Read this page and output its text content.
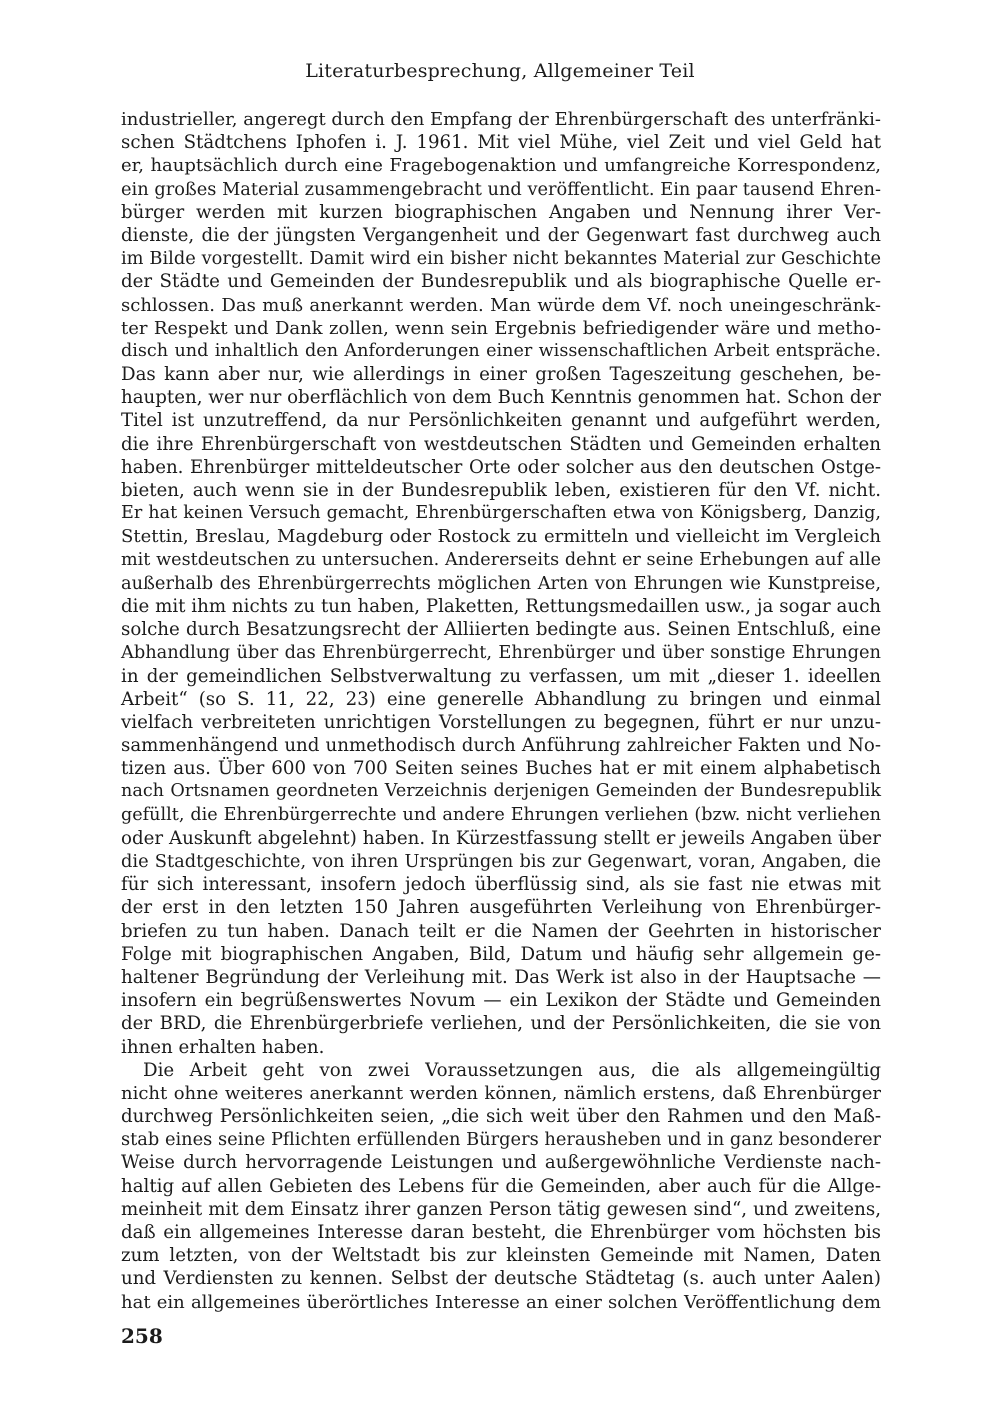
Literaturbesprechung, Allgemeiner Teil
industrieller, angeregt durch den Empfang der Ehrenbürgerschaft des unterfränki-
schen Städtchens Iphofen i. J. 1961. Mit viel Mühe, viel Zeit und viel Geld hat
er, hauptsächlich durch eine Fragebogenaktion und umfangreiche Korrespondenz,
ein großes Material zusammengebracht und veröffentlicht. Ein paar tausend Ehren-
bürger werden mit kurzen biographischen Angaben und Nennung ihrer Ver-
dienste, die der jüngsten Vergangenheit und der Gegenwart fast durchweg auch
im Bilde vorgestellt. Damit wird ein bisher nicht bekanntes Material zur Geschichte
der Städte und Gemeinden der Bundesrepublik und als biographische Quelle er-
schlossen. Das muß anerkannt werden. Man würde dem Vf. noch uneingeschränk-
ter Respekt und Dank zollen, wenn sein Ergebnis befriedigender wäre und metho-
disch und inhaltlich den Anforderungen einer wissenschaftlichen Arbeit entspräche.
Das kann aber nur, wie allerdings in einer großen Tageszeitung geschehen, be-
haupten, wer nur oberflächlich von dem Buch Kenntnis genommen hat. Schon der
Titel ist unzutreffend, da nur Persönlichkeiten genannt und aufgeführt werden,
die ihre Ehrenbürgerschaft von westdeutschen Städten und Gemeinden erhalten
haben. Ehrenbürger mitteldeutscher Orte oder solcher aus den deutschen Ostge-
bieten, auch wenn sie in der Bundesrepublik leben, existieren für den Vf. nicht.
Er hat keinen Versuch gemacht, Ehrenbürgerschaften etwa von Königsberg, Danzig,
Stettin, Breslau, Magdeburg oder Rostock zu ermitteln und vielleicht im Vergleich
mit westdeutschen zu untersuchen. Andererseits dehnt er seine Erhebungen auf alle
außerhalb des Ehrenbürgerrechts möglichen Arten von Ehrungen wie Kunstpreise,
die mit ihm nichts zu tun haben, Plaketten, Rettungsmedaillen usw., ja sogar auch
solche durch Besatzungsrecht der Alliierten bedingte aus. Seinen Entschluß, eine
Abhandlung über das Ehrenbürgerrecht, Ehrenbürger und über sonstige Ehrungen
in der gemeindlichen Selbstverwaltung zu verfassen, um mit „dieser 1. ideellen
Arbeit“ (so S. 11, 22, 23) eine generelle Abhandlung zu bringen und einmal
vielfach verbreiteten unrichtigen Vorstellungen zu begegnen, führt er nur unzu-
sammenhängend und unmethodisch durch Anführung zahlreicher Fakten und No-
tizen aus. Über 600 von 700 Seiten seines Buches hat er mit einem alphabetisch
nach Ortsnamen geordneten Verzeichnis derjenigen Gemeinden der Bundesrepublik
gefüllt, die Ehrenbürgerrechte und andere Ehrungen verliehen (bzw. nicht verliehen
oder Auskunft abgelehnt) haben. In Kürzestfassung stellt er jeweils Angaben über
die Stadtgeschichte, von ihren Ursprüngen bis zur Gegenwart, voran, Angaben, die
für sich interessant, insofern jedoch überflüssig sind, als sie fast nie etwas mit
der erst in den letzten 150 Jahren ausgeführten Verleihung von Ehrenbürger-
briefen zu tun haben. Danach teilt er die Namen der Geehrten in historischer
Folge mit biographischen Angaben, Bild, Datum und häufig sehr allgemein ge-
haltener Begründung der Verleihung mit. Das Werk ist also in der Hauptsache —
insofern ein begrüßenswertes Novum — ein Lexikon der Städte und Gemeinden
der BRD, die Ehrenbürgerbriefe verliehen, und der Persönlichkeiten, die sie von
ihnen erhalten haben.
Die Arbeit geht von zwei Voraussetzungen aus, die als allgemeingültig
nicht ohne weiteres anerkannt werden können, nämlich erstens, daß Ehrenbürger
durchweg Persönlichkeiten seien, „die sich weit über den Rahmen und den Maß-
stab eines seine Pflichten erfüllenden Bürgers herausheben und in ganz besonderer
Weise durch hervorragende Leistungen und außergewöhnliche Verdienste nach-
haltig auf allen Gebieten des Lebens für die Gemeinden, aber auch für die Allge-
meinheit mit dem Einsatz ihrer ganzen Person tätig gewesen sind“, und zweitens,
daß ein allgemeines Interesse daran besteht, die Ehrenbürger vom höchsten bis
zum letzten, von der Weltstadt bis zur kleinsten Gemeinde mit Namen, Daten
und Verdiensten zu kennen. Selbst der deutsche Städtetag (s. auch unter Aalen)
hat ein allgemeines überörtliches Interesse an einer solchen Veröffentlichung dem
258
